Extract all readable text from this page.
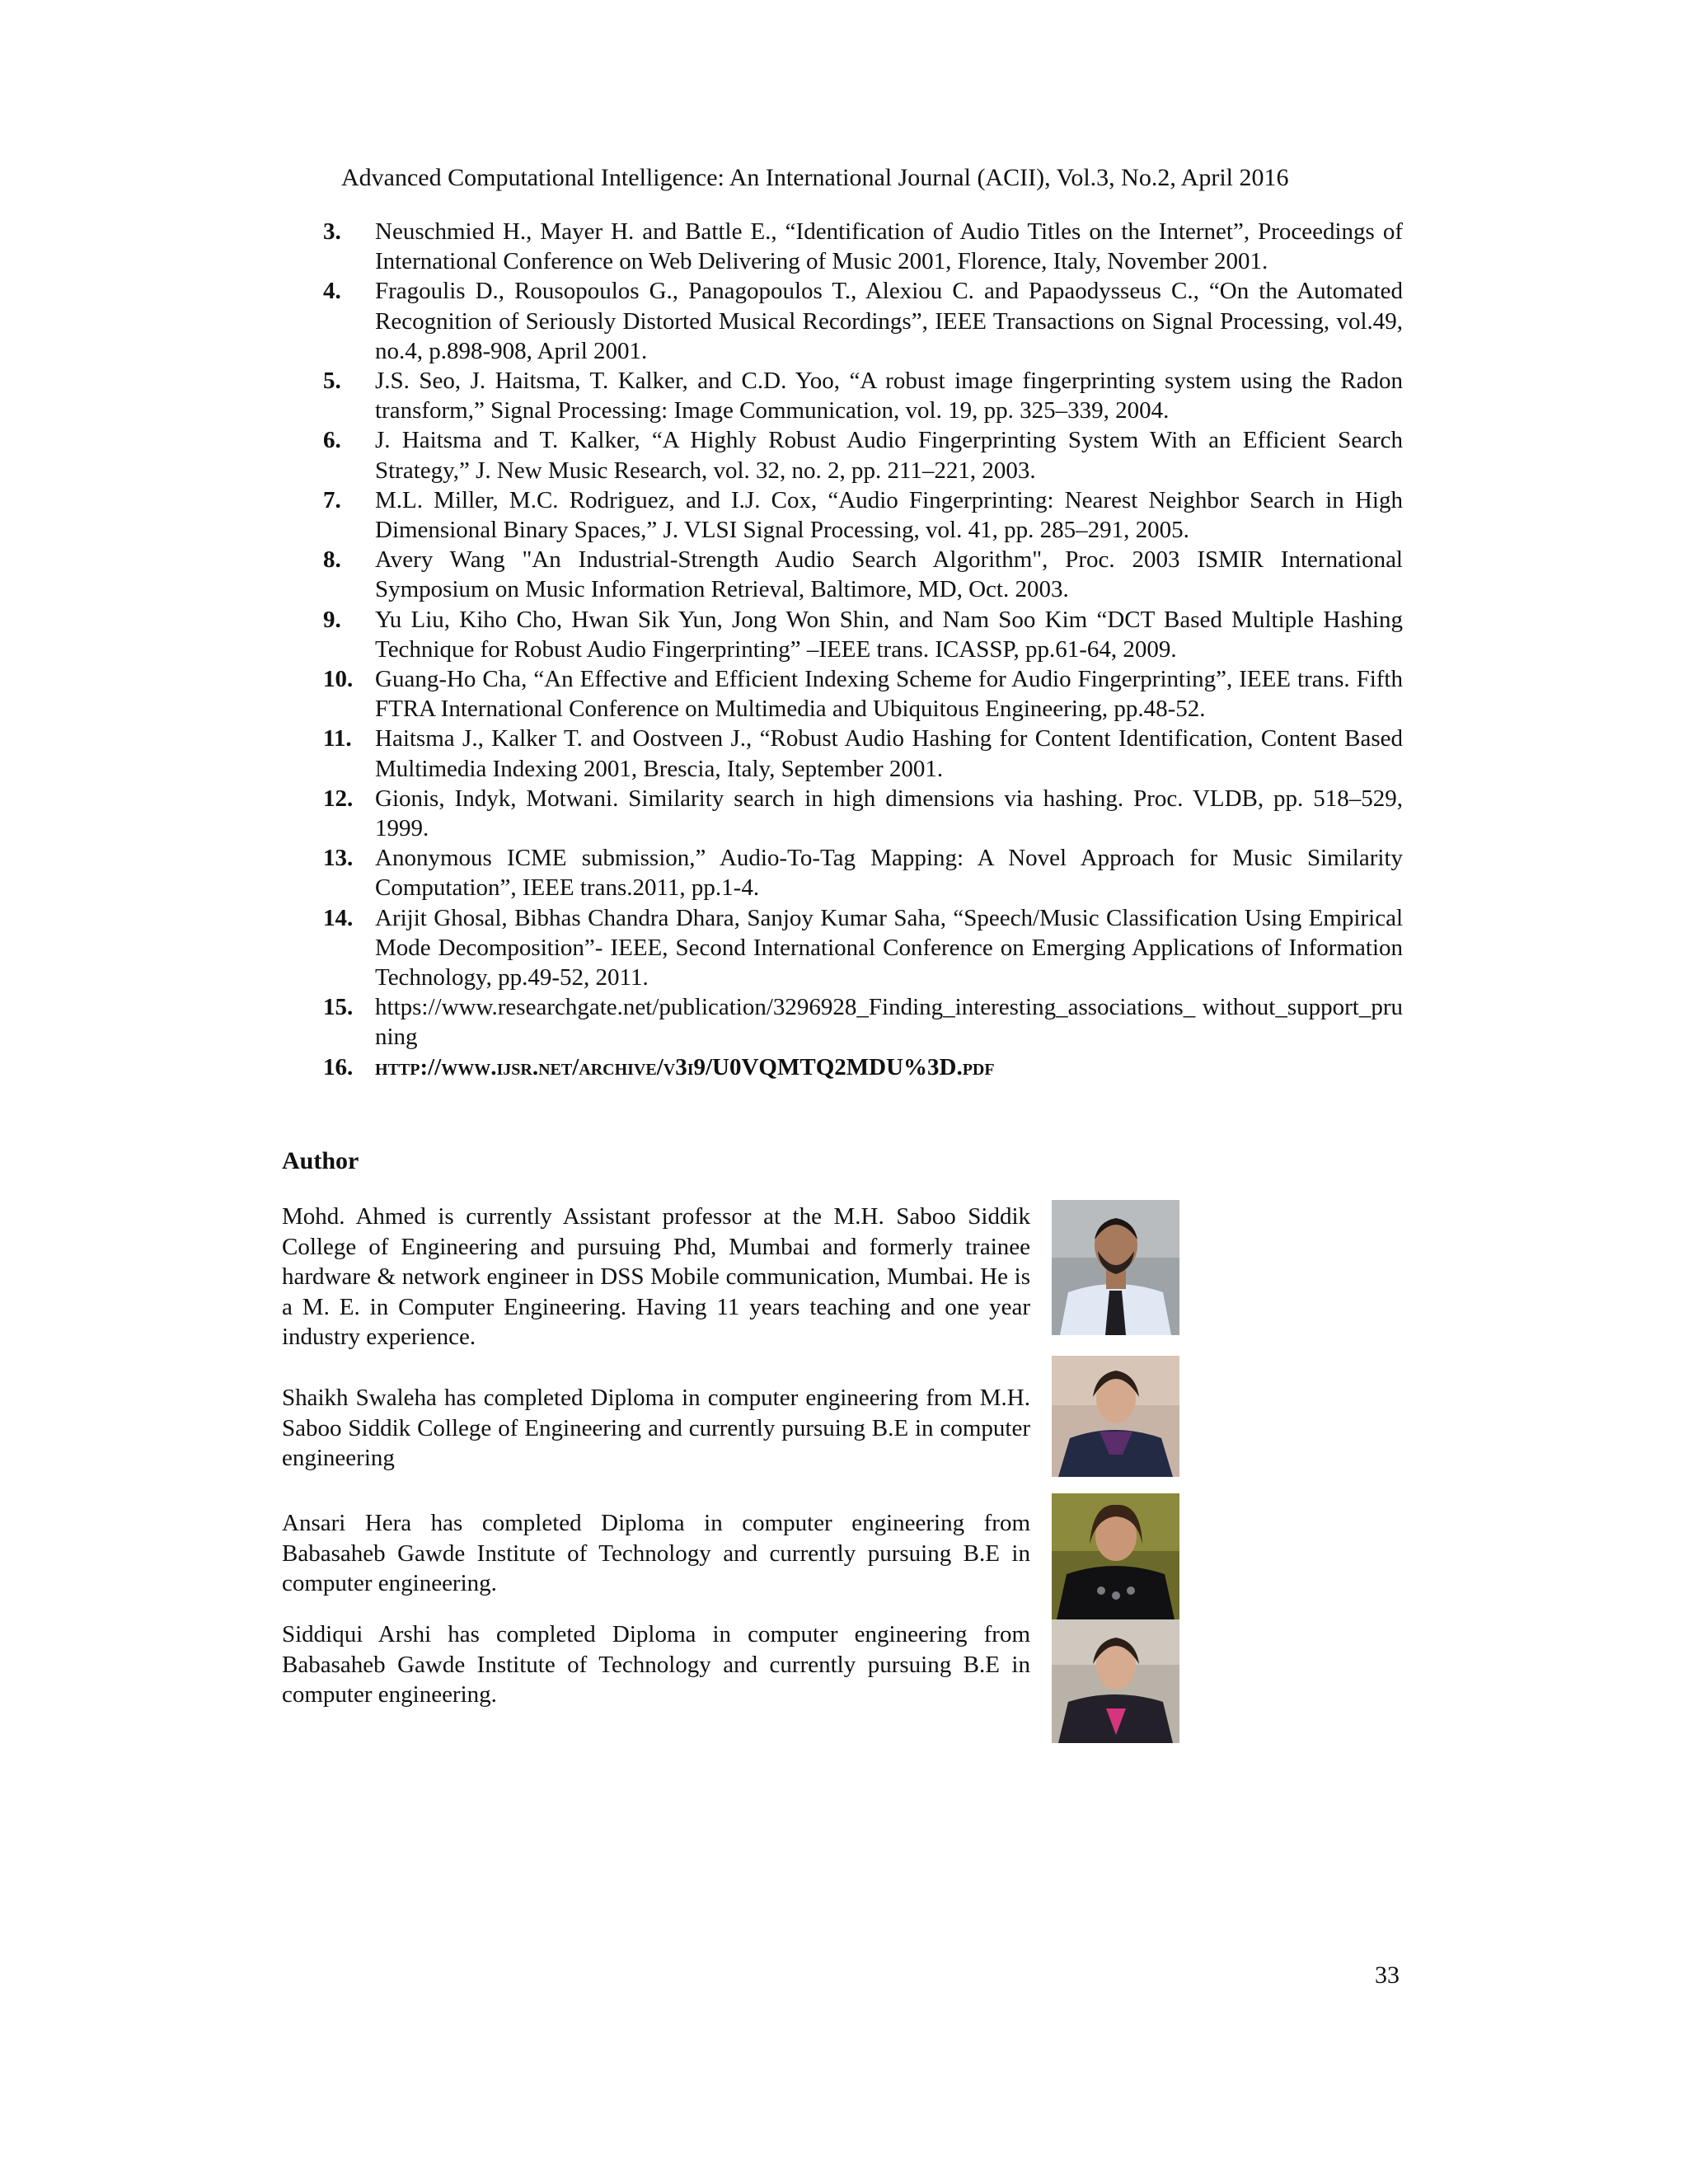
Advanced Computational Intelligence: An International Journal (ACII), Vol.3, No.2, April 2016
3.	Neuschmied H., Mayer H. and Battle E., “Identification of Audio Titles on the Internet”, Proceedings of International Conference on Web Delivering of Music 2001, Florence, Italy, November 2001.
4.	Fragoulis D., Rousopoulos G., Panagopoulos T., Alexiou C. and Papaodysseus C., “On the Automated Recognition of Seriously Distorted Musical Recordings”, IEEE Transactions on Signal Processing, vol.49, no.4, p.898-908, April 2001.
5.	J.S. Seo, J. Haitsma, T. Kalker, and C.D. Yoo, “A robust image fingerprinting system using the Radon transform,” Signal Processing: Image Communication, vol. 19, pp. 325–339, 2004.
6.	J. Haitsma and T. Kalker, “A Highly Robust Audio Fingerprinting System With an Efficient Search Strategy,” J. New Music Research, vol. 32, no. 2, pp. 211–221, 2003.
7.	M.L. Miller, M.C. Rodriguez, and I.J. Cox, “Audio Fingerprinting: Nearest Neighbor Search in High Dimensional Binary Spaces,” J. VLSI Signal Processing, vol. 41, pp. 285–291, 2005.
8.	Avery Wang "An Industrial-Strength Audio Search Algorithm", Proc. 2003 ISMIR International Symposium on Music Information Retrieval, Baltimore, MD, Oct. 2003.
9.	Yu Liu, Kiho Cho, Hwan Sik Yun, Jong Won Shin, and Nam Soo Kim “DCT Based Multiple Hashing Technique for Robust Audio Fingerprinting” –IEEE trans. ICASSP, pp.61-64, 2009.
10. Guang-Ho Cha, “An Effective and Efficient Indexing Scheme for Audio Fingerprinting”, IEEE trans. Fifth FTRA International Conference on Multimedia and Ubiquitous Engineering, pp.48-52.
11. Haitsma J., Kalker T. and Oostveen J., “Robust Audio Hashing for Content Identification, Content Based Multimedia Indexing 2001, Brescia, Italy, September 2001.
12. Gionis, Indyk, Motwani. Similarity search in high dimensions via hashing. Proc. VLDB, pp. 518–529, 1999.
13. Anonymous ICME submission,” Audio-To-Tag Mapping: A Novel Approach for Music Similarity Computation”, IEEE trans.2011, pp.1-4.
14. Arijit Ghosal, Bibhas Chandra Dhara, Sanjoy Kumar Saha, “Speech/Music Classification Using Empirical Mode Decomposition”- IEEE, Second International Conference on Emerging Applications of Information Technology, pp.49-52, 2011.
15. https://www.researchgate.net/publication/3296928_Finding_interesting_associations_ without_support_pruning
16. http://www.ijsr.net/archive/v3i9/U0VQMTQ2MDU%3D.pdf
Author
Mohd. Ahmed is currently Assistant professor at the M.H. Saboo Siddik College of Engineering and pursuing Phd, Mumbai and formerly trainee hardware & network engineer in DSS Mobile communication, Mumbai. He is a M. E. in Computer Engineering. Having 11 years teaching and one year industry experience.
Shaikh Swaleha has completed Diploma in computer engineering from M.H. Saboo Siddik College of Engineering and currently pursuing B.E in computer engineering
Ansari Hera has completed Diploma in computer engineering from Babasaheb Gawde Institute of Technology and currently pursuing B.E in computer engineering.
Siddiqui Arshi has completed Diploma in computer engineering from Babasaheb Gawde Institute of Technology and currently pursuing B.E in computer engineering.
33
